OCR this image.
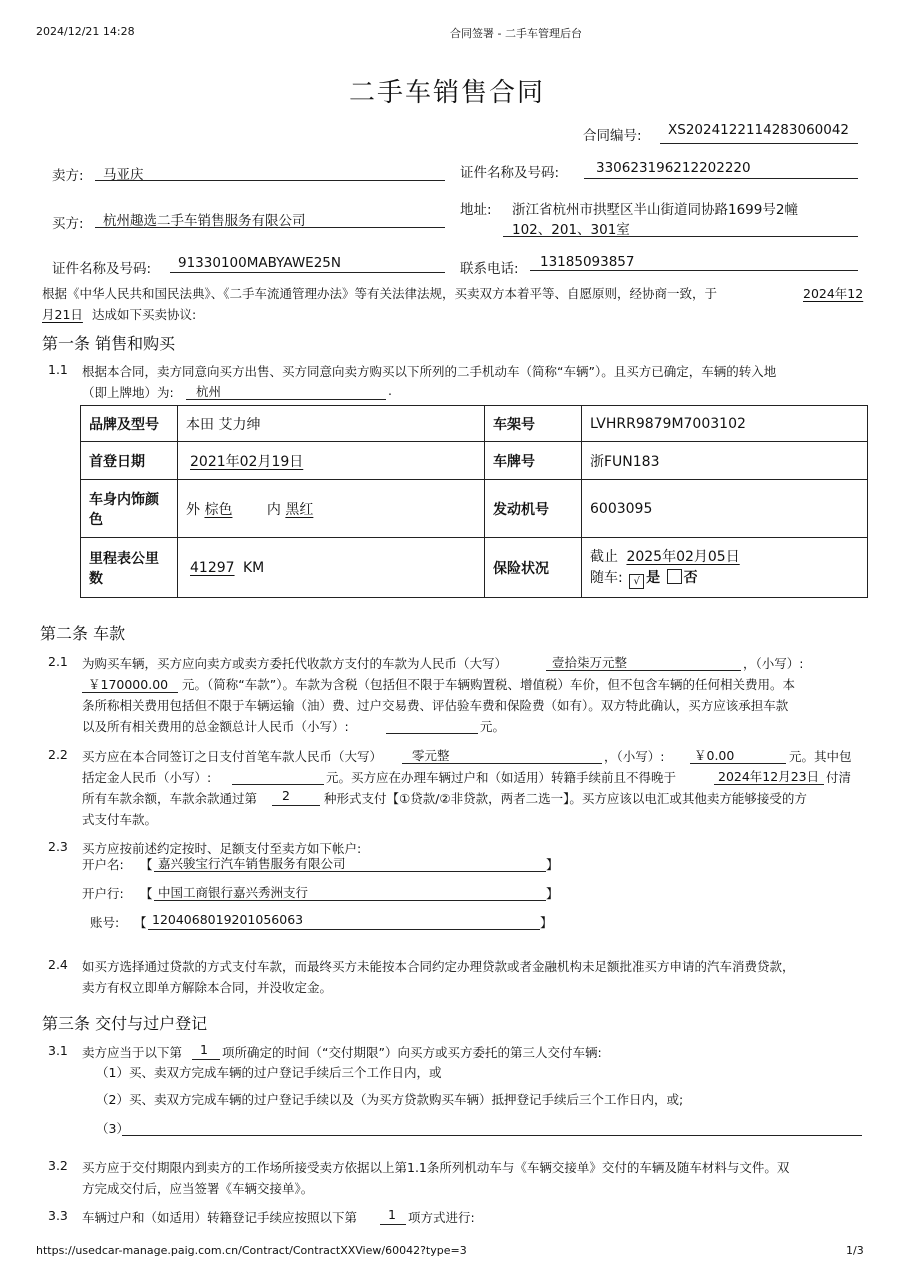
2024/12/21 14:28	合同签署 - 二手车管理后台
二手车销售合同
合同编号: XS2024122114283060042
卖方: 马亚庆	证件名称及号码:	330623196212202220
买方: 杭州趣选二手车销售服务有限公司
地址: 浙江省杭州市拱墅区半山街道同协路1699号2幢
102、201、301室
证件名称及号码: 91330100MABYAWE25N	联系电话: 13185093857
根据《中华人民共和国民法典》、《二手车流通管理办法》等有关法律法规，买卖双方本着平等、自愿原则，经协商一致，于	2024年12
月21日 达成如下买卖协议:
第一条 销售和购买
1.1 根据本合同，卖方同意向买方出售、买方同意向卖方购买以下所列的二手机动车（简称“车辆”）。且买方已确定，车辆的转入地
（即上牌地）为: 杭州	.
品牌及型号	本田 艾力绅	车架号	LVHRR9879M7003102
首登日期	2021年02月19日	车牌号	浙FUN183
车身内饰颜色	外 棕色 内 黑红	发动机号	6003095
里程表公里数	41297 KM	保险状况	截止 2025年02月05日
随车: √ 是 否
第二条 车款
2.1 为购买车辆，买方应向卖方或卖方委托代收款方支付的车款为人民币（大写）	壹拾柒万元整	，（小写）:
￥170000.00 元。（简称“车款”）。车款为含税（包括但不限于车辆购置税、增值税）车价，但不包含车辆的任何相关费用。本
条所称相关费用包括但不限于车辆运输（油）费、过户交易费、评估验车费和保险费（如有）。双方特此确认，买方应该承担车款
以及所有相关费用的总金额总计人民币（小写）:	元。
2.2 买方应在本合同签订之日支付首笔车款人民币（大写） 零元整	，（小写）: ￥0.00	元。其中包
括定金人民币（小写）:	元。买方应在办理车辆过户和（如适用）转籍手续前且不得晚于	2024年12月23日 付清
所有车款余额，车款余款通过第 2	种形式支付【①贷款/②非贷款，两者二选一】。买方应该以电汇或其他卖方能够接受的方
式支付车款。
2.3 买方应按前述约定按时、足额支付至卖方如下帐户:
开户名: 【 嘉兴骏宝行汽车销售服务有限公司	】
开户行: 【 中国工商银行嘉兴秀洲支行	】
账号: 【 1204068019201056063	】
2.4 如买方选择通过贷款的方式支付车款，而最终买方未能按本合同约定办理贷款或者金融机构未足额批准买方申请的汽车消费贷款，
卖方有权立即单方解除本合同，并没收定金。
第三条 交付与过户登记
3.1 卖方应当于以下第 1 项所确定的时间（“交付期限”）向买方或买方委托的第三人交付车辆:
（1）买、卖双方完成车辆的过户登记手续后三个工作日内，或
（2）买、卖双方完成车辆的过户登记手续以及（为买方贷款购买车辆）抵押登记手续后三个工作日内，或;
（3）
3.2 买方应于交付期限内到卖方的工作场所接受卖方依据以上第1.1条所列机动车与《车辆交接单》交付的车辆及随车材料与文件。双
方完成交付后，应当签署《车辆交接单》。
3.3 车辆过户和（如适用）转籍登记手续应按照以下第 1 项方式进行:
https://usedcar-manage.paig.com.cn/Contract/ContractXXView/60042?type=3	1/3
